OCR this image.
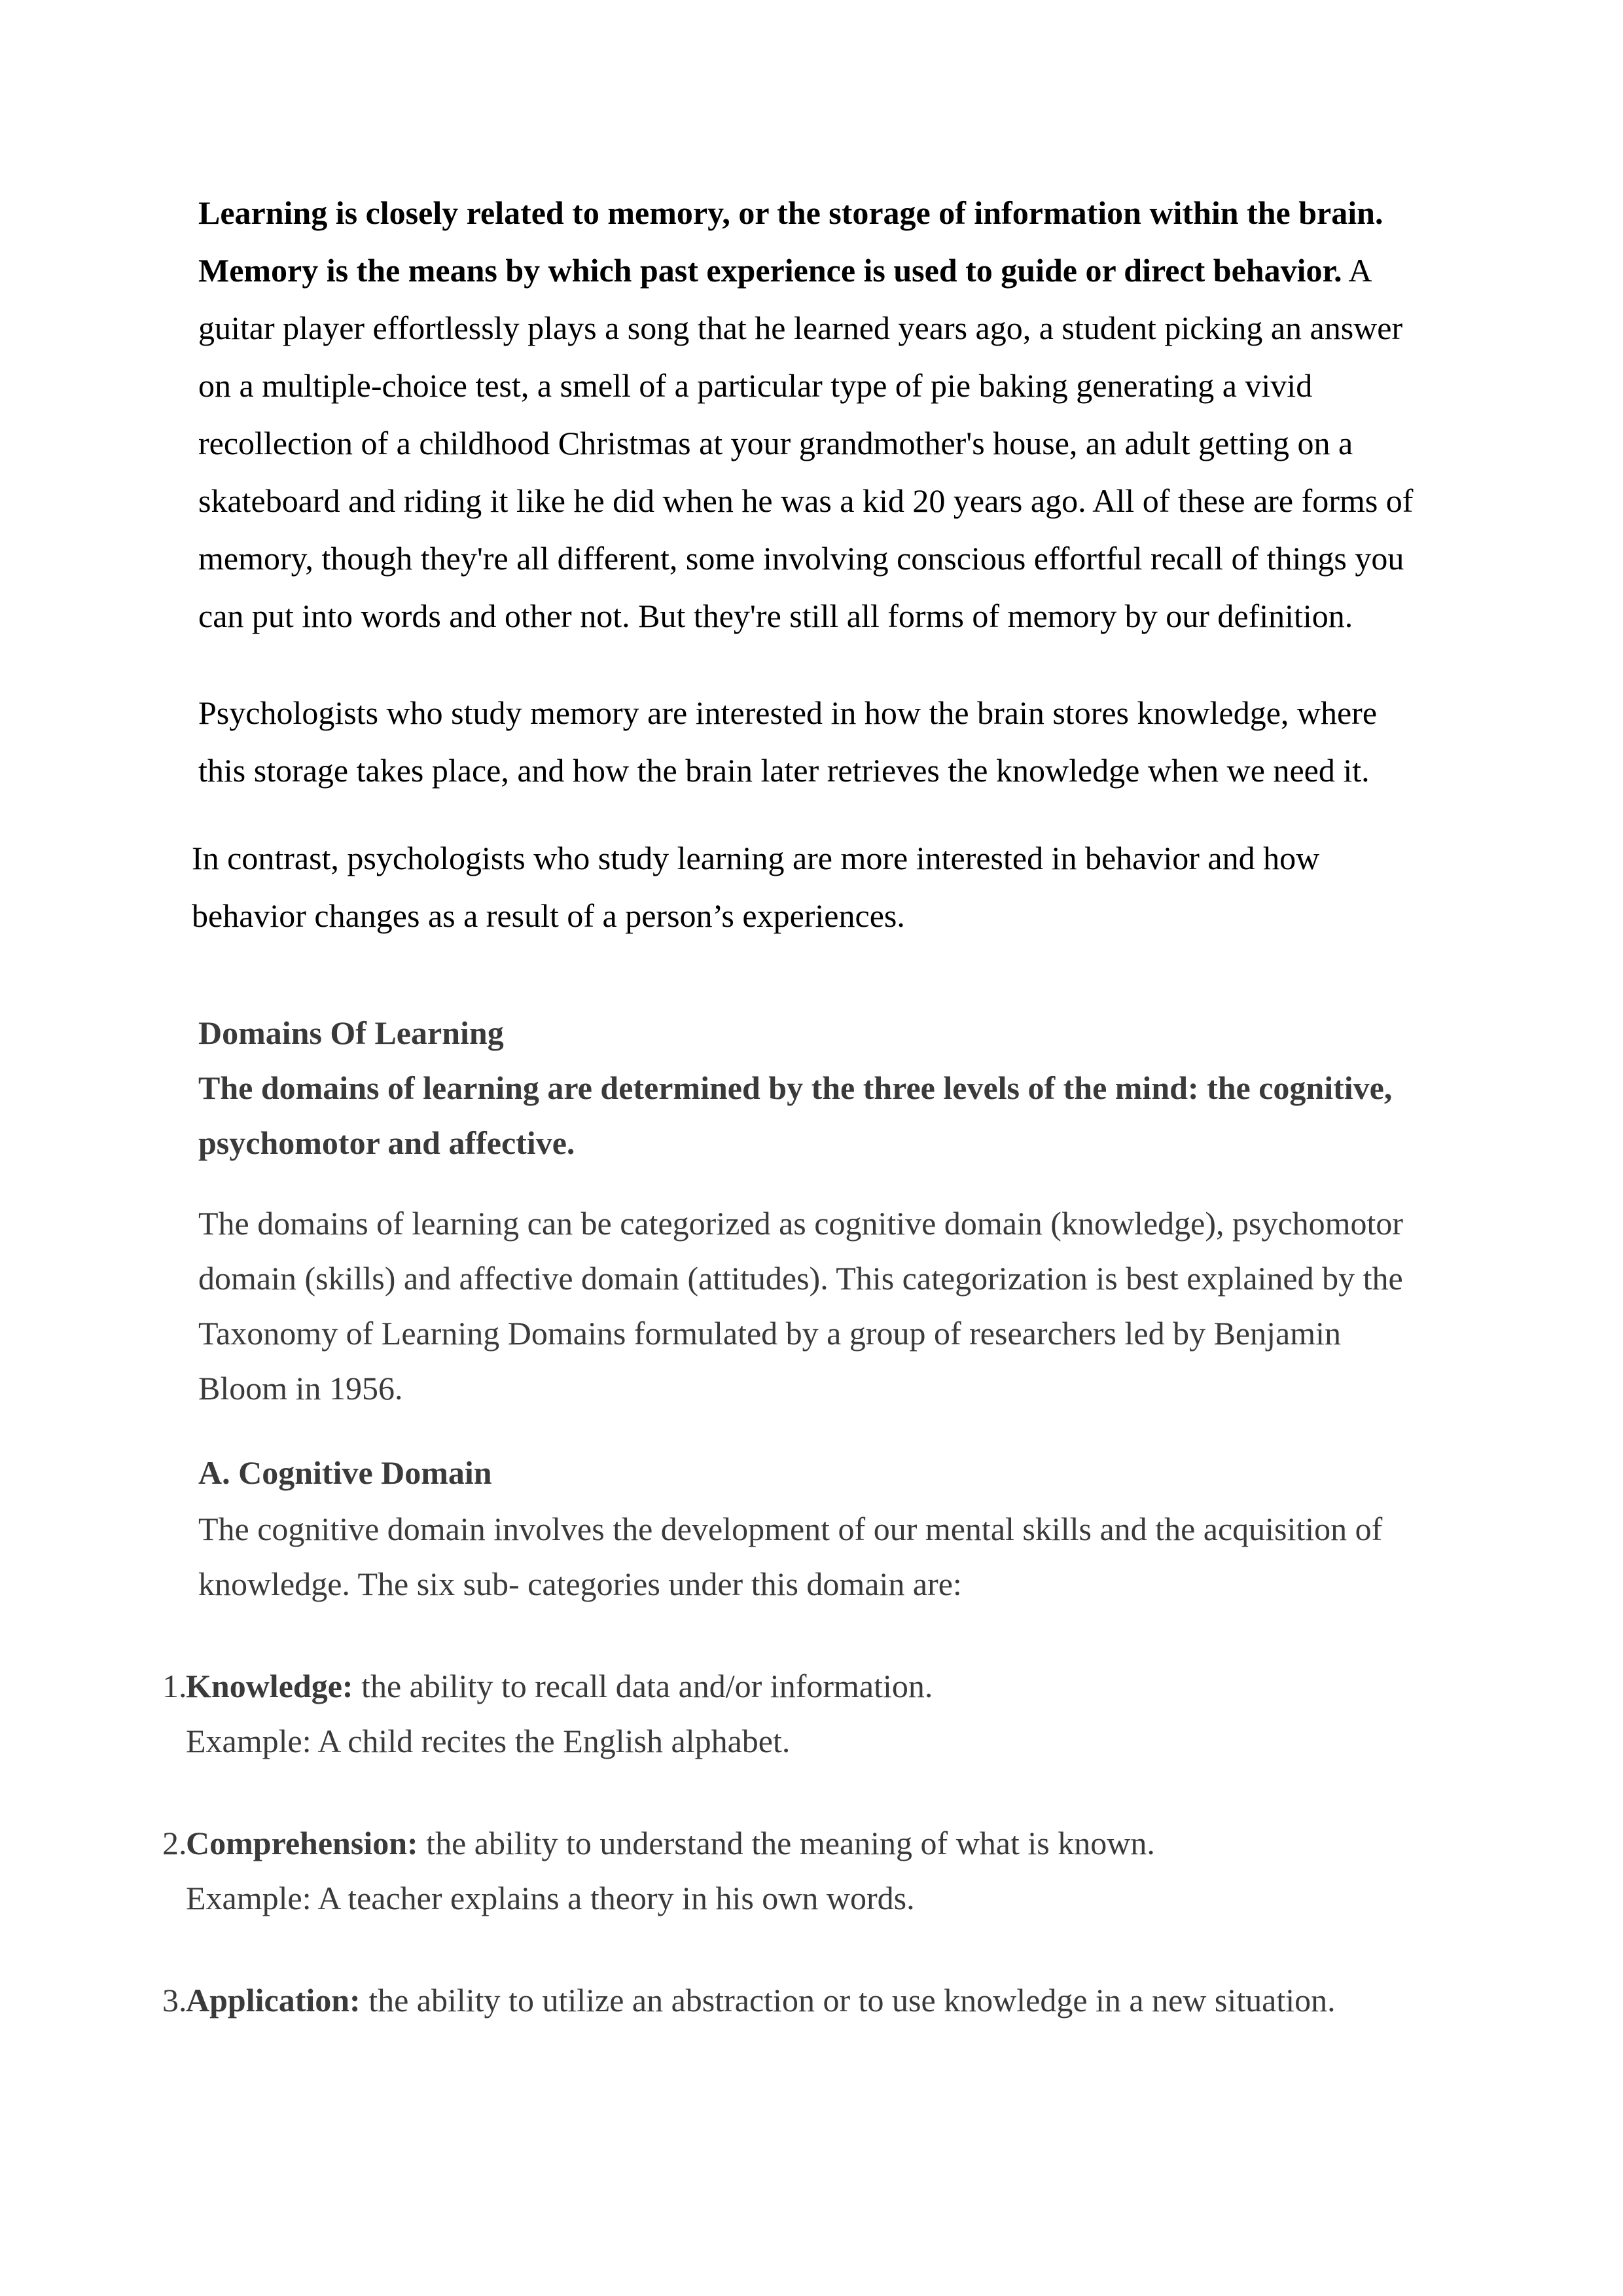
Learning is closely related to memory, or the storage of information within the brain. Memory is the means by which past experience is used to guide or direct behavior. A guitar player effortlessly plays a song that he learned years ago, a student picking an answer on a multiple-choice test, a smell of a particular type of pie baking generating a vivid recollection of a childhood Christmas at your grandmother's house, an adult getting on a skateboard and riding it like he did when he was a kid 20 years ago. All of these are forms of memory, though they're all different, some involving conscious effortful recall of things you can put into words and other not. But they're still all forms of memory by our definition.

Psychologists who study memory are interested in how the brain stores knowledge, where this storage takes place, and how the brain later retrieves the knowledge when we need it.

In contrast, psychologists who study learning are more interested in behavior and how behavior changes as a result of a person’s experiences.

Domains Of Learning

The domains of learning are determined by the three levels of the mind: the cognitive, psychomotor and affective.

The domains of learning can be categorized as cognitive domain (knowledge), psychomotor domain (skills) and affective domain (attitudes). This categorization is best explained by the Taxonomy of Learning Domains formulated by a group of researchers led by Benjamin Bloom in 1956.

A. Cognitive Domain

The cognitive domain involves the development of our mental skills and the acquisition of knowledge. The six sub- categories under this domain are:

1.

Knowledge: the ability to recall data and/or information.

Example: A child recites the English alphabet.

2.

Comprehension: the ability to understand the meaning of what is known.

Example: A teacher explains a theory in his own words.

3.

Application: the ability to utilize an abstraction or to use knowledge in a new situation.
